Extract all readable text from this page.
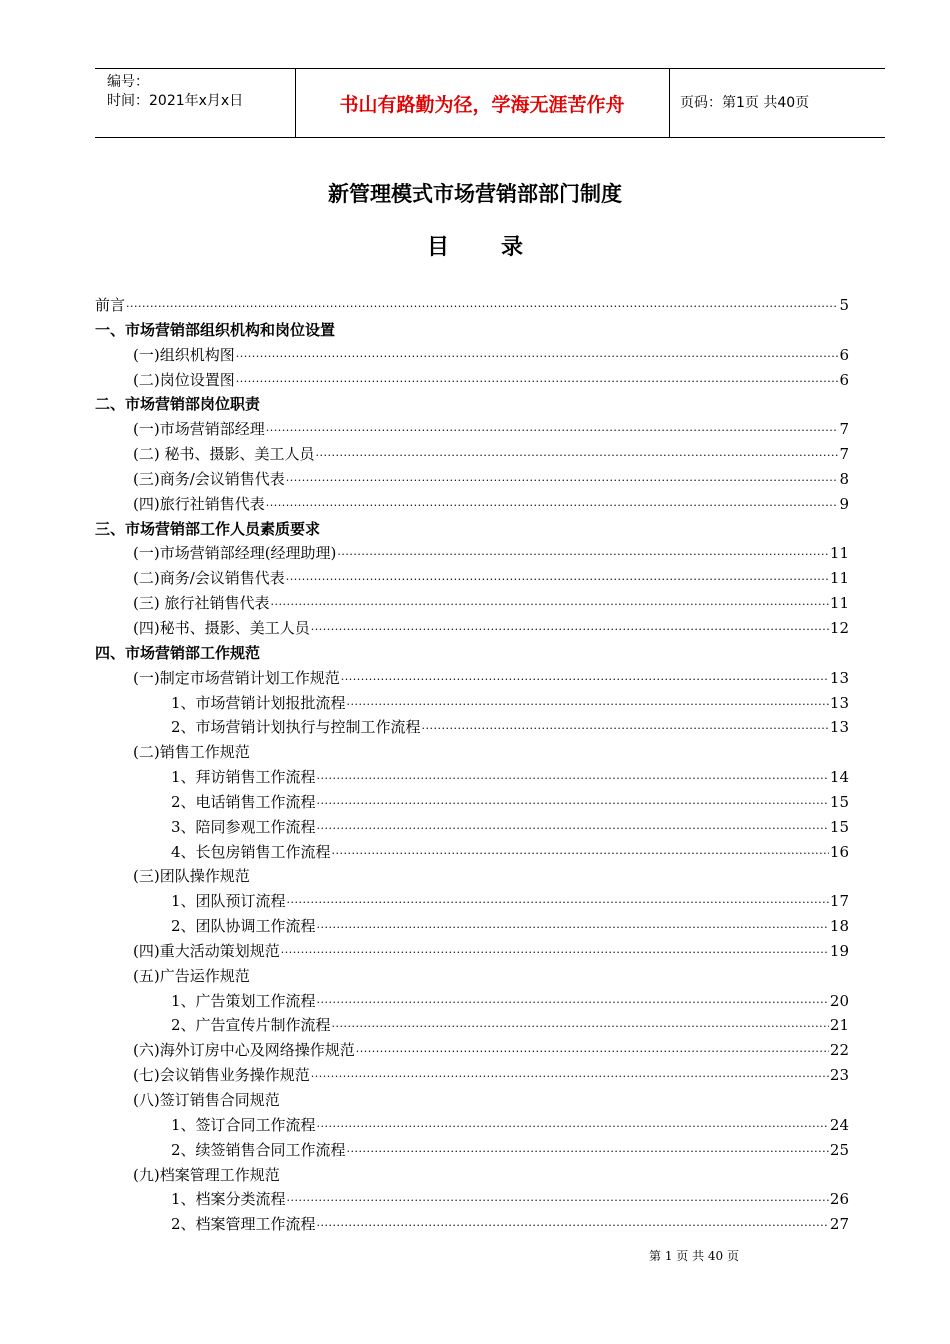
编号：
时间：2021年x月x日	书山有路勤为径，学海无涯苦作舟	页码：第1页 共40页
新管理模式市场营销部部门制度
目录
前言 ·····	5
一、市场营销部组织机构和岗位设置
(一)组织机构图 ·····	6
(二)岗位设置图 ·····	6
二、市场营销部岗位职责
(一)市场营销部经理 ·····	7
(二) 秘书、摄影、美工人员 ·····	7
(三)商务/会议销售代表 ·····	8
(四)旅行社销售代表 ·····	9
三、市场营销部工作人员素质要求
(一)市场营销部经理(经理助理) ·····	11
(二)商务/会议销售代表 ·····	11
(三) 旅行社销售代表 ·····	11
(四)秘书、摄影、美工人员 ·····	12
四、市场营销部工作规范
(一)制定市场营销计划工作规范 ·····	13
1、市场营销计划报批流程 ·····	13
2、市场营销计划执行与控制工作流程 ·····	13
(二)销售工作规范
1、拜访销售工作流程 ·····	14
2、电话销售工作流程 ·····	15
3、陪同参观工作流程 ·····	15
4、长包房销售工作流程 ·····	16
(三)团队操作规范
1、团队预订流程 ·····	17
2、团队协调工作流程 ·····	18
(四)重大活动策划规范 ·····	19
(五)广告运作规范
1、广告策划工作流程 ·····	20
2、广告宣传片制作流程 ·····	21
(六)海外订房中心及网络操作规范 ·····	22
(七)会议销售业务操作规范 ·····	23
(八)签订销售合同规范
1、签订合同工作流程 ·····	24
2、续签销售合同工作流程 ·····	25
(九)档案管理工作规范
1、档案分类流程 ·····	26
2、档案管理工作流程 ·····	27
第 1 页 共 40 页
